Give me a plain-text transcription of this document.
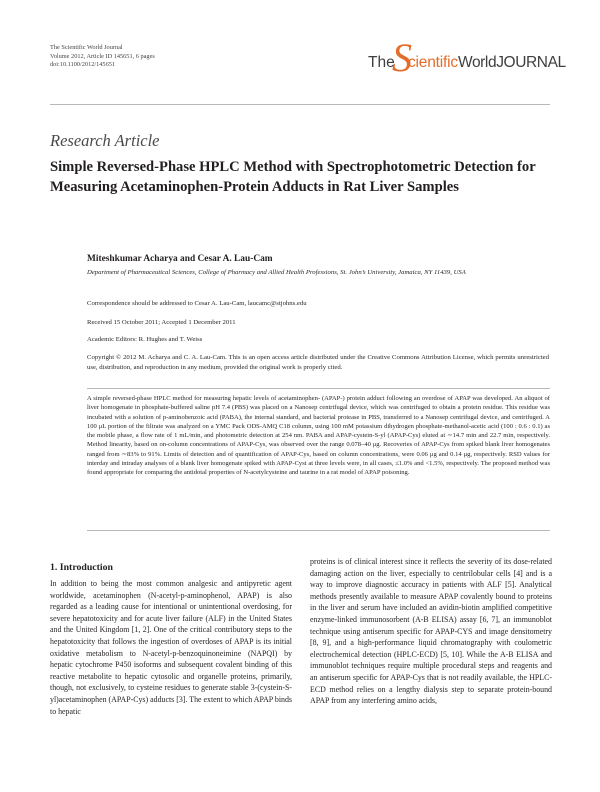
The Scientific World Journal
Volume 2012, Article ID 145651, 6 pages
doi:10.1100/2012/145651	The
S
cientific WorldJOURNAL
Research Article
Simple Reversed-Phase HPLC Method with Spectrophotometric Detection for Measuring Acetaminophen-Protein Adducts in Rat Liver Samples
Miteshkumar Acharya and Cesar A. Lau-Cam
Department of Pharmaceutical Sciences, College of Pharmacy and Allied Health Professions, St. John’s University, Jamaica, NY 11439, USA
Correspondence should be addressed to Cesar A. Lau-Cam, laucamc@stjohns.edu
Received 15 October 2011; Accepted 1 December 2011
Academic Editors: R. Hughes and T. Weiss
Copyright © 2012 M. Acharya and C. A. Lau-Cam. This is an open access article distributed under the Creative Commons Attribution License, which permits unrestricted use, distribution, and reproduction in any medium, provided the original work is properly cited.
A simple reversed-phase HPLC method for measuring hepatic levels of acetaminophen- (APAP-) protein adduct following an overdose of APAP was developed. An aliquot of liver homogenate in phosphate-buffered saline pH 7.4 (PBS) was placed on a Nanosep centrifugal device, which was centrifuged to obtain a protein residue. This residue was incubated with a solution of p-aminobenzoic acid (PABA), the internal standard, and bacterial protease in PBS, transferred to a Nanosep centrifugal device, and centrifuged. A 100 μL portion of the filtrate was analyzed on a YMC Pack ODS-AMQ C18 column, using 100 mM potassium dihydrogen phosphate-methanol-acetic acid (100 : 0.6 : 0.1) as the mobile phase, a flow rate of 1 mL/min, and photometric detection at 254 nm. PABA and APAP-cystein-S-yl (APAP-Cys) eluted at ∼14.7 min and 22.7 min, respectively. Method linearity, based on on-column concentrations of APAP-Cys, was observed over the range 0.078–40 μg. Recoveries of APAP-Cys from spiked blank liver homogenates ranged from ∼83% to 91%. Limits of detection and of quantification of APAP-Cys, based on column concentrations, were 0.06 μg and 0.14 μg, respectively. RSD values for interday and intraday analyses of a blank liver homogenate spiked with APAP-Cyst at three levels were, in all cases, ≤1.0% and <1.5%, respectively. The proposed method was found appropriate for comparing the antidotal properties of N-acetylcysteine and taurine in a rat model of APAP poisoning.
1. Introduction
In addition to being the most common analgesic and antipyretic agent worldwide, acetaminophen (N-acetyl-p-aminophenol, APAP) is also regarded as a leading cause for intentional or unintentional overdosing, for severe hepatotoxicity and for acute liver failure (ALF) in the United States and the United Kingdom [1, 2]. One of the critical contributory steps to the hepatotoxicity that follows the ingestion of overdoses of APAP is its initial oxidative metabolism to N-acetyl-p-benzoquinoneimine (NAPQI) by hepatic cytochrome P450 isoforms and subsequent covalent binding of this reactive metabolite to hepatic cytosolic and organelle proteins, primarily, though, not exclusively, to cysteine residues to generate stable 3-(cystein-S-yl)acetaminophen (APAP-Cys) adducts [3]. The extent to which APAP binds to hepatic
proteins is of clinical interest since it reflects the severity of its dose-related damaging action on the liver, especially to centrilobular cells [4] and is a way to improve diagnostic accuracy in patients with ALF [5]. Analytical methods presently available to measure APAP covalently bound to proteins in the liver and serum have included an avidin-biotin amplified competitive enzyme-linked immunosorbent (A-B ELISA) assay [6, 7], an immunoblot technique using antiserum specific for APAP-CYS and image densitometry [8, 9], and a high-performance liquid chromatography with coulometric electrochemical detection (HPLC-ECD) [5, 10]. While the A-B ELISA and immunoblot techniques require multiple procedural steps and reagents and an antiserum specific for APAP-Cys that is not readily available, the HPLC-ECD method relies on a lengthy dialysis step to separate protein-bound APAP from any interfering amino acids,
